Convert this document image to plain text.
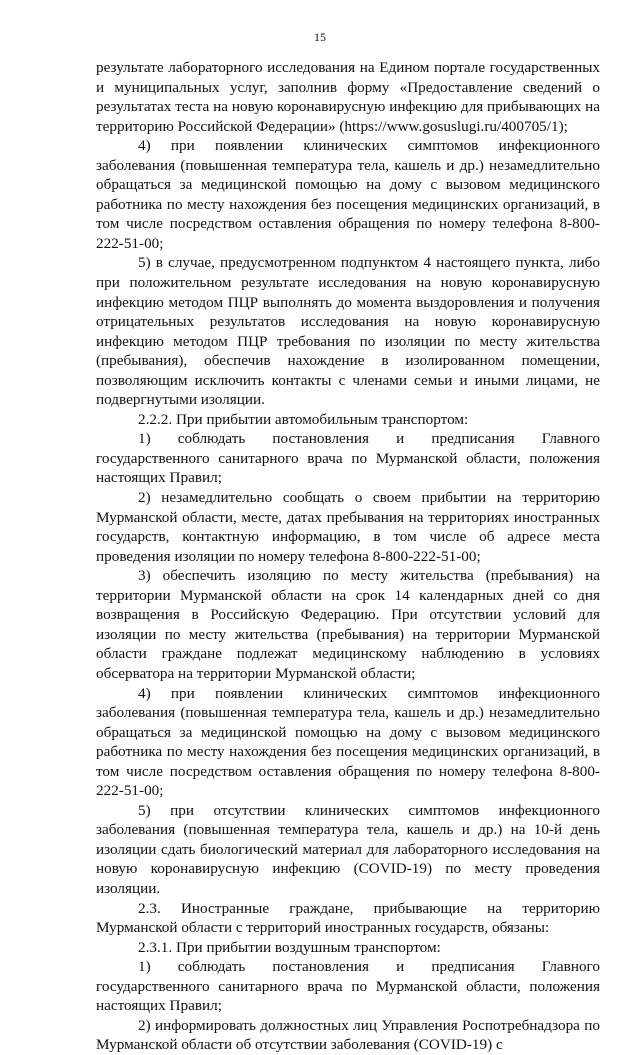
15

результате лабораторного исследования на Едином портале государственных и муниципальных услуг, заполнив форму «Предоставление сведений о результатах теста на новую коронавирусную инфекцию для прибывающих на территорию Российской Федерации» (https://www.gosuslugi.ru/400705/1);

4) при появлении клинических симптомов инфекционного заболевания (повышенная температура тела, кашель и др.) незамедлительно обращаться за медицинской помощью на дому с вызовом медицинского работника по месту нахождения без посещения медицинских организаций, в том числе посредством оставления обращения по номеру телефона 8-800-222-51-00;

5) в случае, предусмотренном подпунктом 4 настоящего пункта, либо при положительном результате исследования на новую коронавирусную инфекцию методом ПЦР выполнять до момента выздоровления и получения отрицательных результатов исследования на новую коронавирусную инфекцию методом ПЦР требования по изоляции по месту жительства (пребывания), обеспечив нахождение в изолированном помещении, позволяющим исключить контакты с членами семьи и иными лицами, не подвергнутыми изоляции.

2.2.2. При прибытии автомобильным транспортом:

1) соблюдать постановления и предписания Главного государственного санитарного врача по Мурманской области, положения настоящих Правил;

2) незамедлительно сообщать о своем прибытии на территорию Мурманской области, месте, датах пребывания на территориях иностранных государств, контактную информацию, в том числе об адресе места проведения изоляции по номеру телефона 8-800-222-51-00;

3) обеспечить изоляцию по месту жительства (пребывания) на территории Мурманской области на срок 14 календарных дней со дня возвращения в Российскую Федерацию. При отсутствии условий для изоляции по месту жительства (пребывания) на территории Мурманской области граждане подлежат медицинскому наблюдению в условиях обсерватора на территории Мурманской области;

4) при появлении клинических симптомов инфекционного заболевания (повышенная температура тела, кашель и др.) незамедлительно обращаться за медицинской помощью на дому с вызовом медицинского работника по месту нахождения без посещения медицинских организаций, в том числе посредством оставления обращения по номеру телефона 8-800-222-51-00;

5) при отсутствии клинических симптомов инфекционного заболевания (повышенная температура тела, кашель и др.) на 10-й день изоляции сдать биологический материал для лабораторного исследования на новую коронавирусную инфекцию (COVID-19) по месту проведения изоляции.

2.3. Иностранные граждане, прибывающие на территорию Мурманской области с территорий иностранных государств, обязаны:

2.3.1. При прибытии воздушным транспортом:

1) соблюдать постановления и предписания Главного государственного санитарного врача по Мурманской области, положения настоящих Правил;

2) информировать должностных лиц Управления Роспотребнадзора по Мурманской области об отсутствии заболевания (COVID-19) с
